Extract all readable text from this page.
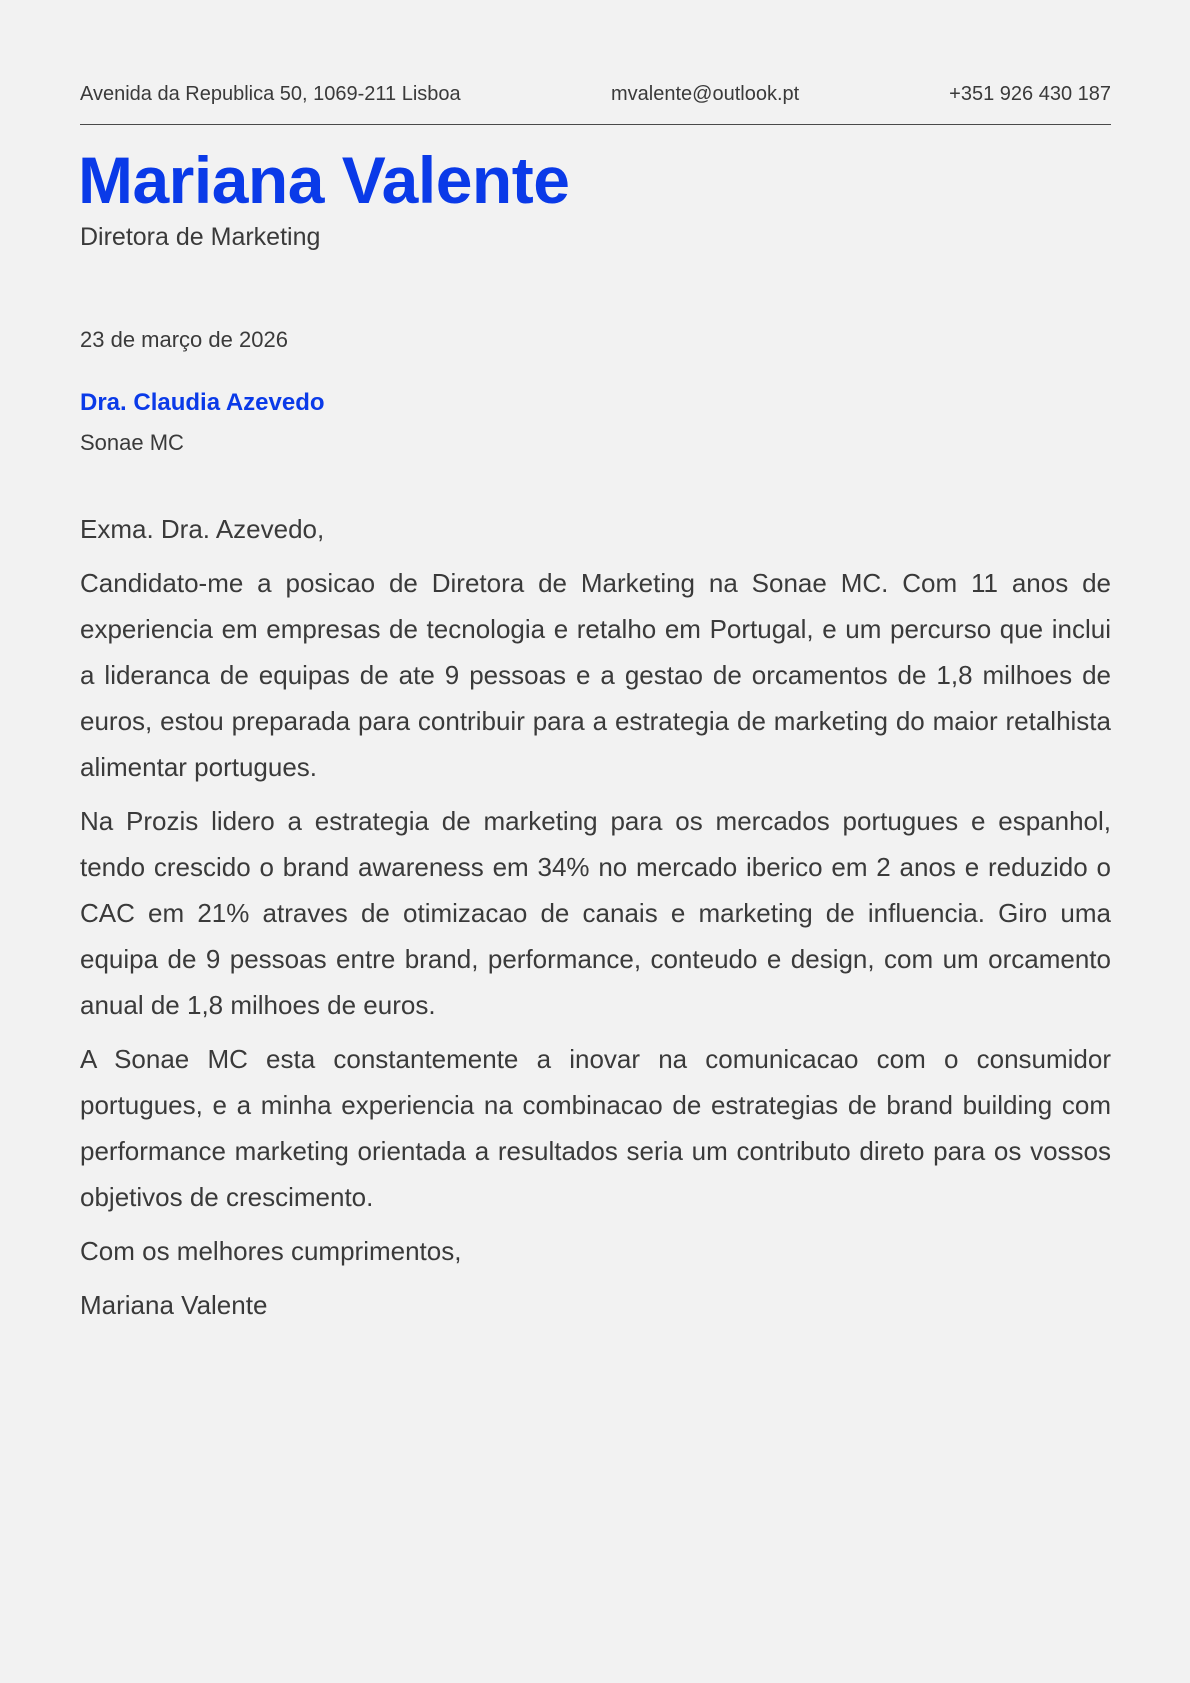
Avenida da Republica 50, 1069-211 Lisboa	mvalente@outlook.pt	+351 926 430 187
Mariana Valente
Diretora de Marketing
23 de março de 2026
Dra. Claudia Azevedo
Sonae MC

Exma. Dra. Azevedo,

Candidato-me a posicao de Diretora de Marketing na Sonae MC. Com 11 anos de experiencia em empresas de tecnologia e retalho em Portugal, e um percurso que inclui a lideranca de equipas de ate 9 pessoas e a gestao de orcamentos de 1,8 milhoes de euros, estou preparada para contribuir para a estrategia de marketing do maior retalhista alimentar portugues.

Na Prozis lidero a estrategia de marketing para os mercados portugues e espanhol, tendo crescido o brand awareness em 34% no mercado iberico em 2 anos e reduzido o CAC em 21% atraves de otimizacao de canais e marketing de influencia. Giro uma equipa de 9 pessoas entre brand, performance, conteudo e design, com um orcamento anual de 1,8 milhoes de euros.

A Sonae MC esta constantemente a inovar na comunicacao com o consumidor portugues, e a minha experiencia na combinacao de estrategias de brand building com performance marketing orientada a resultados seria um contributo direto para os vossos objetivos de crescimento.

Com os melhores cumprimentos,

Mariana Valente
